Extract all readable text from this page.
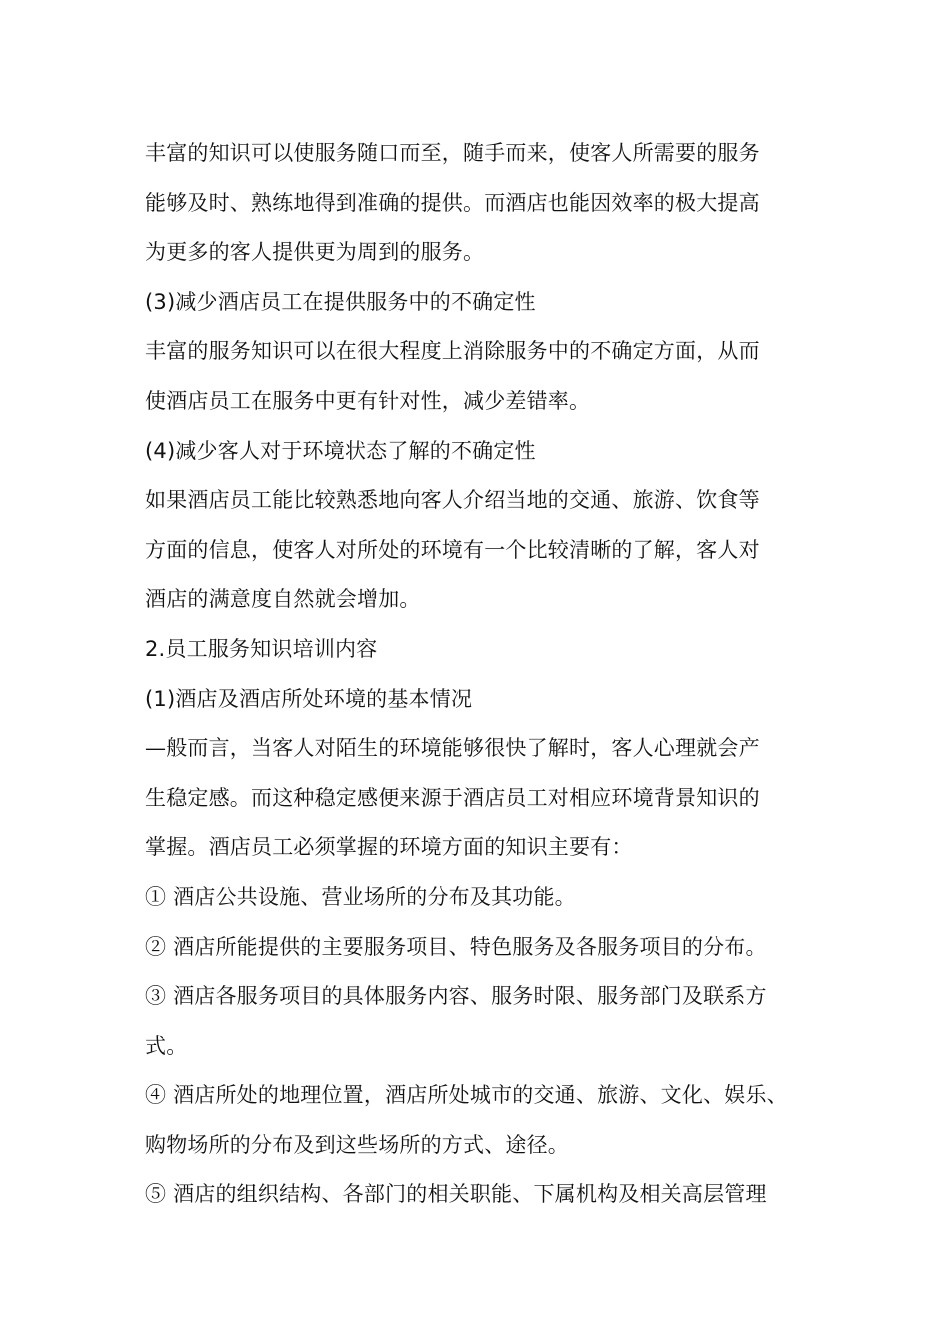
丰富的知识可以使服务随口而至，随手而来，使客人所需要的服务
能够及时、熟练地得到准确的提供。而酒店也能因效率的极大提高
为更多的客人提供更为周到的服务。
(3)减少酒店员工在提供服务中的不确定性
丰富的服务知识可以在很大程度上消除服务中的不确定方面，从而
使酒店员工在服务中更有针对性，减少差错率。
(4)减少客人对于环境状态了解的不确定性
如果酒店员工能比较熟悉地向客人介绍当地的交通、旅游、饮食等
方面的信息，使客人对所处的环境有一个比较清晰的了解，客人对
酒店的满意度自然就会增加。
2.员工服务知识培训内容
(1)酒店及酒店所处环境的基本情况
—般而言，当客人对陌生的环境能够很快了解时，客人心理就会产
生稳定感。而这种稳定感便来源于酒店员工对相应环境背景知识的
掌握。酒店员工必须掌握的环境方面的知识主要有：
① 酒店公共设施、营业场所的分布及其功能。
② 酒店所能提供的主要服务项目、特色服务及各服务项目的分布。
③ 酒店各服务项目的具体服务内容、服务时限、服务部门及联系方
式。
④ 酒店所处的地理位置，酒店所处城市的交通、旅游、文化、娱乐、
购物场所的分布及到这些场所的方式、途径。
⑤ 酒店的组织结构、各部门的相关职能、下属机构及相关高层管理
